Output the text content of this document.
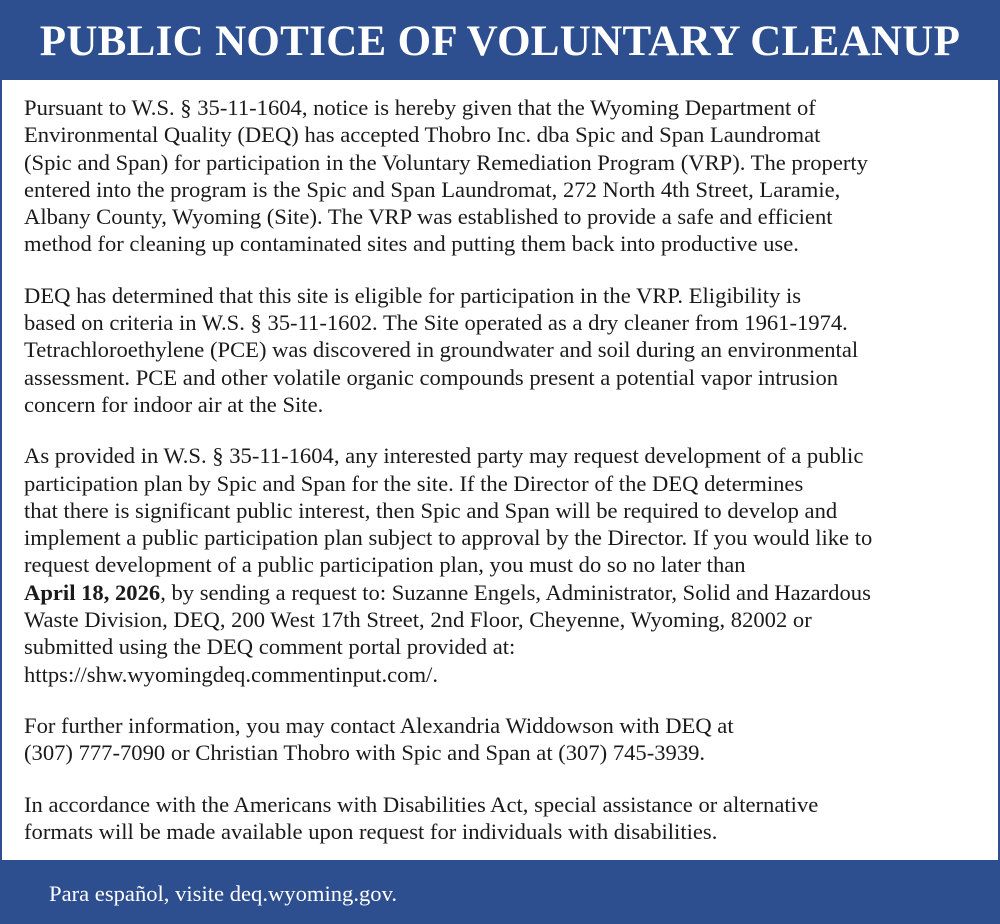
PUBLIC NOTICE OF VOLUNTARY CLEANUP

Pursuant to W.S. § 35-11-1604, notice is hereby given that the Wyoming Department of
Environmental Quality (DEQ) has accepted Thobro Inc. dba Spic and Span Laundromat
(Spic and Span) for participation in the Voluntary Remediation Program (VRP). The property
entered into the program is the Spic and Span Laundromat, 272 North 4th Street, Laramie,
Albany County, Wyoming (Site). The VRP was established to provide a safe and efficient
method for cleaning up contaminated sites and putting them back into productive use.

DEQ has determined that this site is eligible for participation in the VRP. Eligibility is
based on criteria in W.S. § 35-11-1602. The Site operated as a dry cleaner from 1961-1974.
Tetrachloroethylene (PCE) was discovered in groundwater and soil during an environmental
assessment. PCE and other volatile organic compounds present a potential vapor intrusion
concern for indoor air at the Site.

As provided in W.S. § 35-11-1604, any interested party may request development of a public
participation plan by Spic and Span for the site. If the Director of the DEQ determines
that there is significant public interest, then Spic and Span will be required to develop and
implement a public participation plan subject to approval by the Director. If you would like to
request development of a public participation plan, you must do so no later than
April 18, 2026, by sending a request to: Suzanne Engels, Administrator, Solid and Hazardous
Waste Division, DEQ, 200 West 17th Street, 2nd Floor, Cheyenne, Wyoming, 82002 or
submitted using the DEQ comment portal provided at:
https://shw.wyomingdeq.commentinput.com/.

For further information, you may contact Alexandria Widdowson with DEQ at
(307) 777-7090 or Christian Thobro with Spic and Span at (307) 745-3939.

In accordance with the Americans with Disabilities Act, special assistance or alternative
formats will be made available upon request for individuals with disabilities.

Para español, visite deq.wyoming.gov.
